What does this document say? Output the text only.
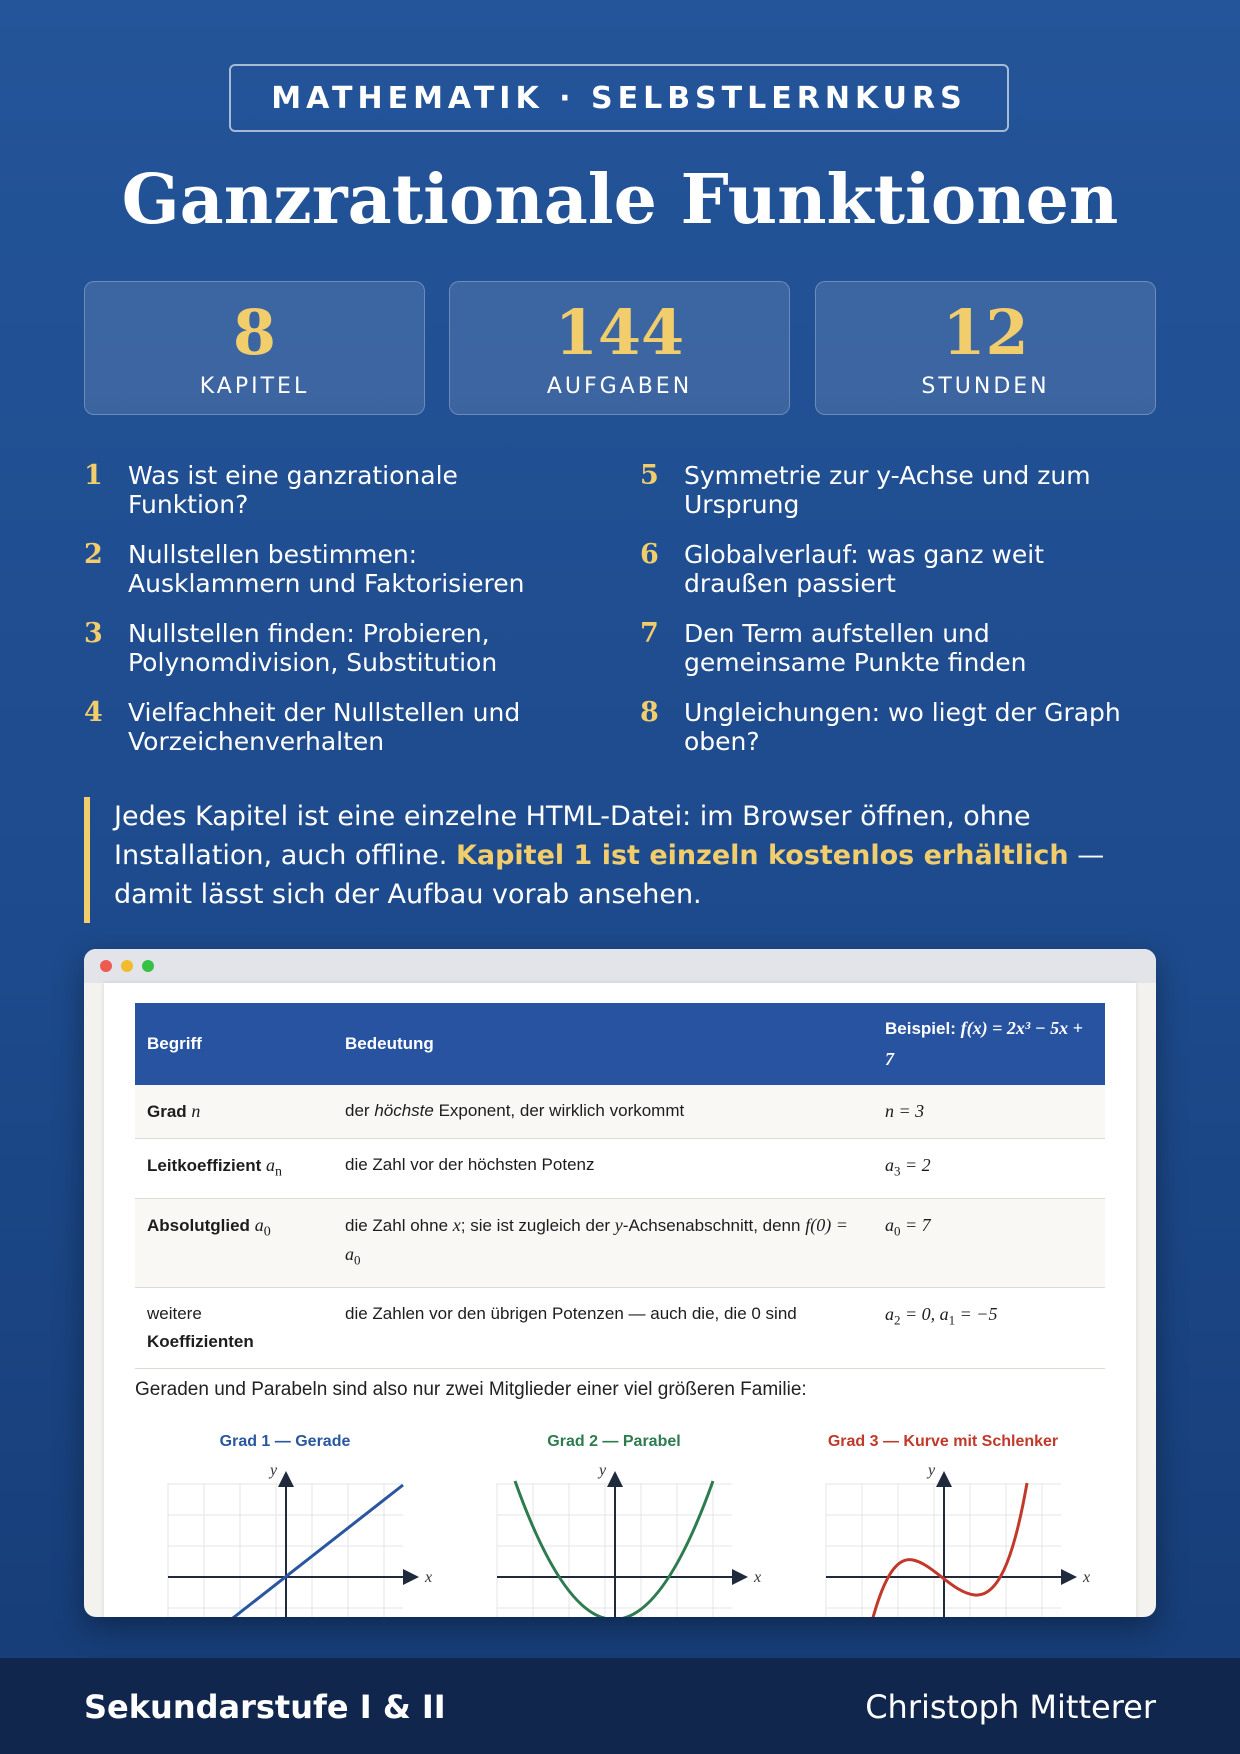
MATHEMATIK · SELBSTLERNKURS
Ganzrationale Funktionen
8
KAPITEL
144
AUFGABEN
12
STUNDEN
1	Was ist eine ganzrationale Funktion?
2	Nullstellen bestimmen: Ausklammern und Faktorisieren
3	Nullstellen finden: Probieren, Polynomdivision, Substitution
4	Vielfachheit der Nullstellen und Vorzeichenverhalten
5	Symmetrie zur y-Achse und zum Ursprung
6	Globalverlauf: was ganz weit draußen passiert
7	Den Term aufstellen und gemeinsame Punkte finden
8	Ungleichungen: wo liegt der Graph oben?
Jedes Kapitel ist eine einzelne HTML-Datei: im Browser öffnen, ohne Installation, auch offline. Kapitel 1 ist einzeln kostenlos erhältlich — damit lässt sich der Aufbau vorab ansehen.
Begriff	Bedeutung	Beispiel: f(x) = 2x³ − 5x + 7
Grad n	der höchste Exponent, der wirklich vorkommt	n = 3
Leitkoeffizient $a_n$	die Zahl vor der höchsten Potenz	$a_3 = 2$
Absolutglied $a_0$	die Zahl ohne x; sie ist zugleich der y-Achsenabschnitt, denn $f(0) = a_0$	$a_0 = 7$
weitere
Koeffizienten	die Zahlen vor den übrigen Potenzen — auch die, die 0 sind	$a_2 = 0$, $a_1 = -5$
Geraden und Parabeln sind also nur zwei Mitglieder einer viel größeren Familie:
Grad 1 — Gerade
x
y
Grad 2 — Parabel
x
y
Grad 3 — Kurve mit Schlenker
x
y
Sekundarstufe I & II	Christoph Mitterer
